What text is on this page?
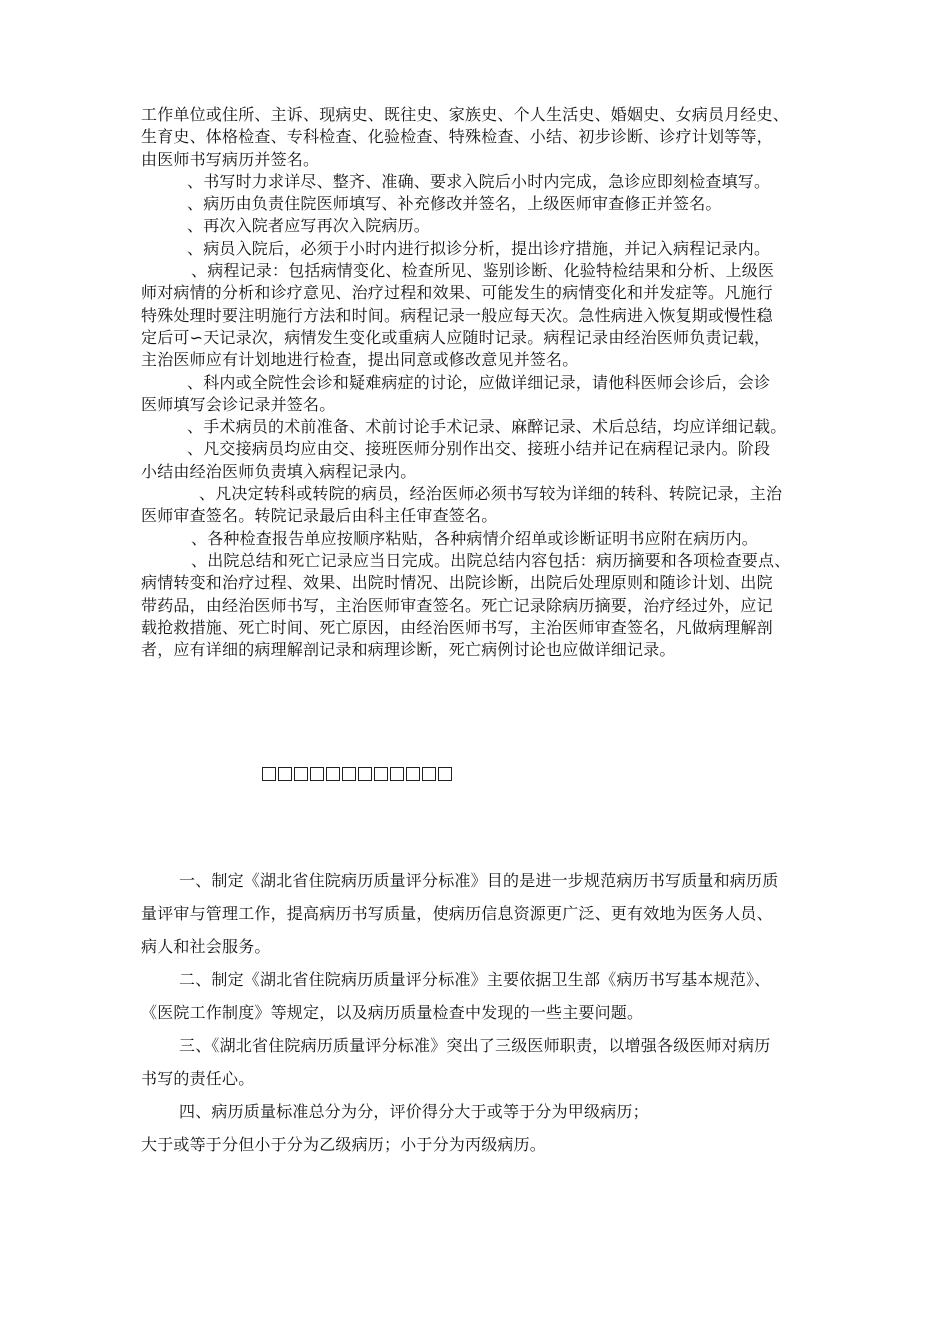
工作单位或住所、主诉、现病史、既往史、家族史、个人生活史、婚姻史、女病员月经史、

生育史、体格检查、专科检查、化验检查、特殊检查、小结、初步诊断、诊疗计划等等，

由医师书写病历并签名。

、书写时力求详尽、整齐、准确、要求入院后小时内完成，急诊应即刻检查填写。

、病历由负责住院医师填写、补充修改并签名，上级医师审查修正并签名。

、再次入院者应写再次入院病历。

、病员入院后，必须于小时内进行拟诊分析，提出诊疗措施，并记入病程记录内。

、病程记录：包括病情变化、检查所见、鉴别诊断、化验特检结果和分析、上级医

师对病情的分析和诊疗意见、治疗过程和效果、可能发生的病情变化和并发症等。凡施行

特殊处理时要注明施行方法和时间。病程记录一般应每天次。急性病进入恢复期或慢性稳

定后可∽天记录次，病情发生变化或重病人应随时记录。病程记录由经治医师负责记载，

主治医师应有计划地进行检查，提出同意或修改意见并签名。

、科内或全院性会诊和疑难病症的讨论，应做详细记录，请他科医师会诊后，会诊

医师填写会诊记录并签名。

、手术病员的术前准备、术前讨论手术记录、麻醉记录、术后总结，均应详细记载。

、凡交接病员均应由交、接班医师分别作出交、接班小结并记在病程记录内。阶段

小结由经治医师负责填入病程记录内。

、凡决定转科或转院的病员，经治医师必须书写较为详细的转科、转院记录，主治

医师审查签名。转院记录最后由科主任审查签名。

、各种检查报告单应按顺序粘贴，各种病情介绍单或诊断证明书应附在病历内。

、出院总结和死亡记录应当日完成。出院总结内容包括：病历摘要和各项检查要点、

病情转变和治疗过程、效果、出院时情况、出院诊断，出院后处理原则和随诊计划、出院

带药品，由经治医师书写，主治医师审查签名。死亡记录除病历摘要，治疗经过外，应记

载抢救措施、死亡时间、死亡原因，由经治医师书写，主治医师审查签名，凡做病理解剖

者，应有详细的病理解剖记录和病理诊断，死亡病例讨论也应做详细记录。

一、制定《湖北省住院病历质量评分标准》目的是进一步规范病历书写质量和病历质

量评审与管理工作，提高病历书写质量，使病历信息资源更广泛、更有效地为医务人员、

病人和社会服务。

二、制定《湖北省住院病历质量评分标准》主要依据卫生部《病历书写基本规范》、

《医院工作制度》等规定，以及病历质量检查中发现的一些主要问题。

三、《湖北省住院病历质量评分标准》突出了三级医师职责，以增强各级医师对病历

书写的责任心。

四、病历质量标准总分为分，评价得分大于或等于分为甲级病历；

大于或等于分但小于分为乙级病历；小于分为丙级病历。
